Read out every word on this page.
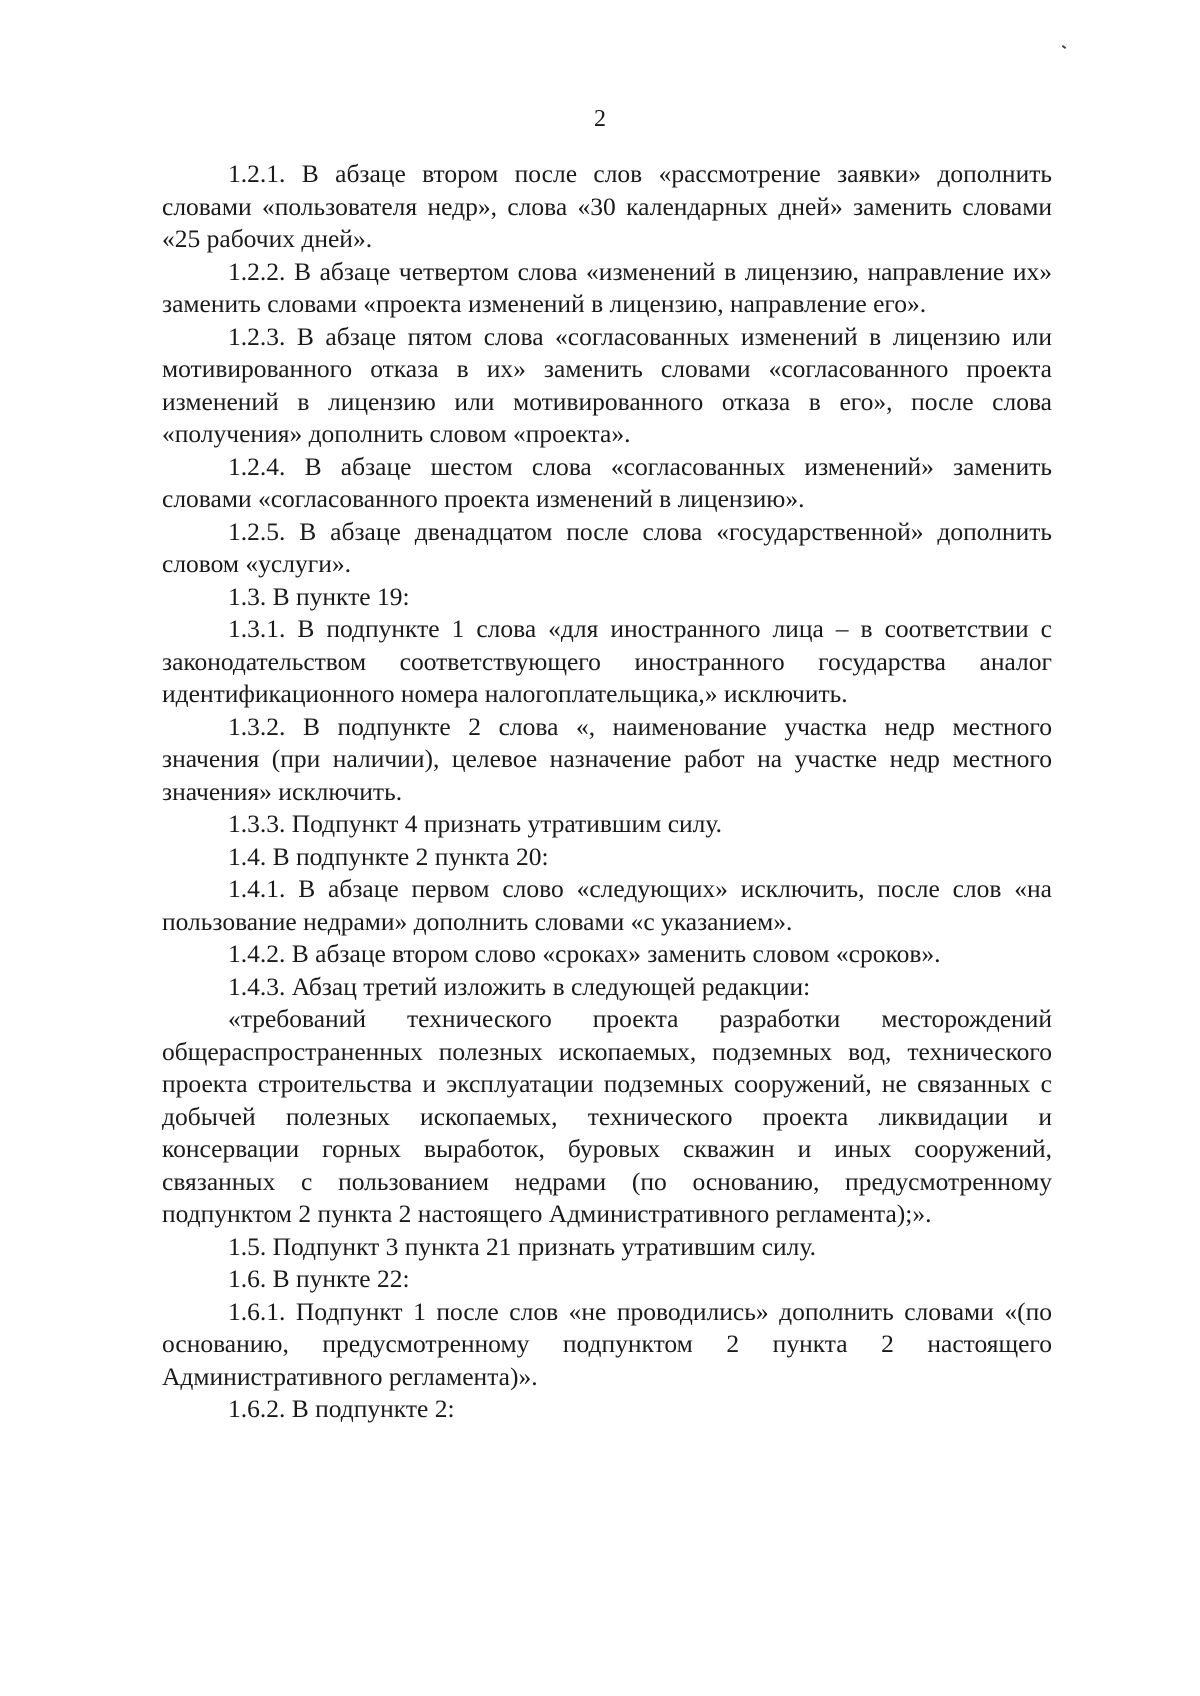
2

1.2.1. В абзаце втором после слов «рассмотрение заявки» дополнить словами «пользователя недр», слова «30 календарных дней» заменить словами «25 рабочих дней».

1.2.2. В абзаце четвертом слова «изменений в лицензию, направление их» заменить словами «проекта изменений в лицензию, направление его».

1.2.3. В абзаце пятом слова «согласованных изменений в лицензию или мотивированного отказа в их» заменить словами «согласованного проекта изменений в лицензию или мотивированного отказа в его», после слова «получения» дополнить словом «проекта».

1.2.4. В абзаце шестом слова «согласованных изменений» заменить словами «согласованного проекта изменений в лицензию».

1.2.5. В абзаце двенадцатом после слова «государственной» дополнить словом «услуги».

1.3. В пункте 19:

1.3.1. В подпункте 1 слова «для иностранного лица – в соответствии с законодательством соответствующего иностранного государства аналог идентификационного номера налогоплательщика,» исключить.

1.3.2. В подпункте 2 слова «, наименование участка недр местного значения (при наличии), целевое назначение работ на участке недр местного значения» исключить.

1.3.3. Подпункт 4 признать утратившим силу.

1.4. В подпункте 2 пункта 20:

1.4.1. В абзаце первом слово «следующих» исключить, после слов «на пользование недрами» дополнить словами «с указанием».

1.4.2. В абзаце втором слово «сроках» заменить словом «сроков».

1.4.3. Абзац третий изложить в следующей редакции:

«требований технического проекта разработки месторождений общераспространенных полезных ископаемых, подземных вод, технического проекта строительства и эксплуатации подземных сооружений, не связанных с добычей полезных ископаемых, технического проекта ликвидации и консервации горных выработок, буровых скважин и иных сооружений, связанных с пользованием недрами (по основанию, предусмотренному подпунктом 2 пункта 2 настоящего Административного регламента);».

1.5. Подпункт 3 пункта 21 признать утратившим силу.

1.6. В пункте 22:

1.6.1. Подпункт 1 после слов «не проводились» дополнить словами «(по основанию, предусмотренному подпунктом 2 пункта 2 настоящего Административного регламента)».

1.6.2. В подпункте 2:
